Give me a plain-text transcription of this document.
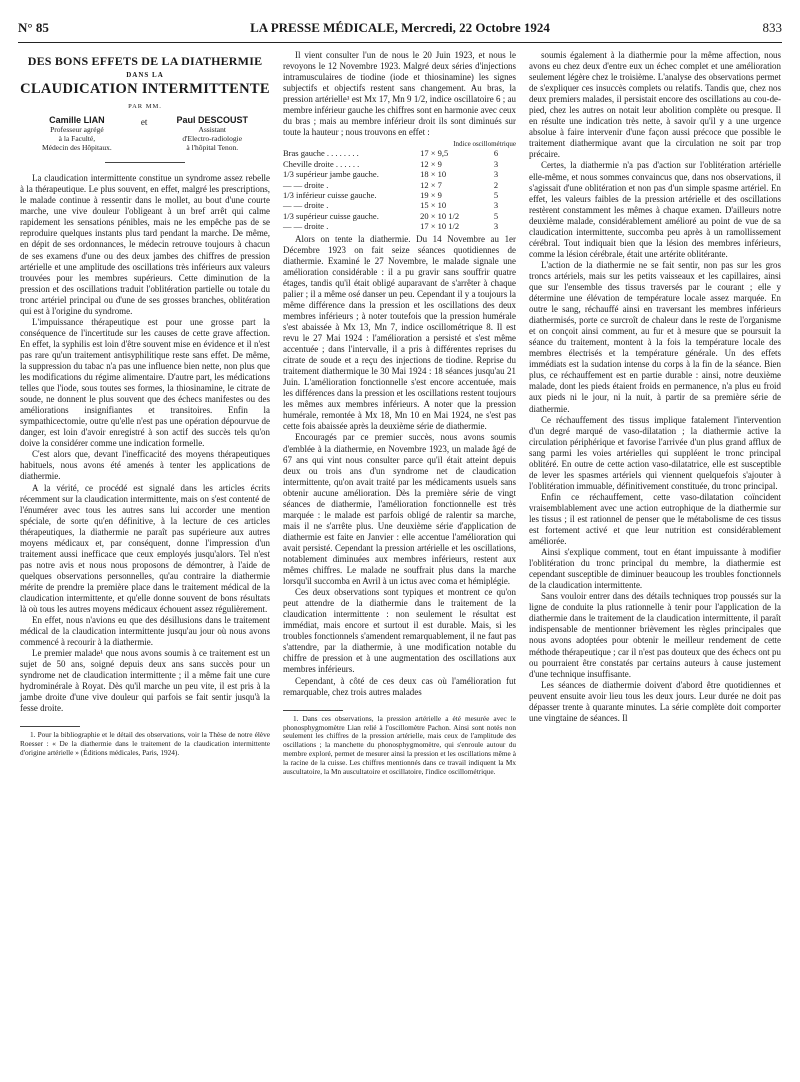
N° 85	LA PRESSE MÉDICALE, Mercredi, 22 Octobre 1924	833
DES BONS EFFETS DE LA DIATHERMIE
DANS LA
CLAUDICATION INTERMITTENTE
PAR MM.
Camille LIAN
Professeur agrégé
à la Faculté,
Médecin des Hôpitaux.
et	Paul DESCOUST
Assistant
d'Electro-radiologie
à l'hôpital Tenon.

La claudication intermittente constitue un syndrome assez rebelle à la thérapeutique. Le plus souvent, en effet, malgré les prescriptions, le malade continue à ressentir dans le mollet, au bout d'une courte marche, une vive douleur l'obligeant à un bref arrêt qui calme rapidement les sensations pénibles, mais ne les empêche pas de se reproduire quelques instants plus tard pendant la marche. De même, en dépit de ses ordonnances, le médecin retrouve toujours à chacun de ses examens d'une ou des deux jambes des chiffres de pression artérielle et une amplitude des oscillations très inférieurs aux valeurs trouvées pour les membres supérieurs. Cette diminution de la pression et des oscillations traduit l'oblitération partielle ou totale du tronc artériel principal ou d'une de ses grosses branches, oblitération qui est à l'origine du syndrome.

L'impuissance thérapeutique est pour une grosse part la conséquence de l'incertitude sur les causes de cette grave affection. En effet, la syphilis est loin d'être souvent mise en évidence et il n'est pas rare qu'un traitement antisyphilitique reste sans effet. De même, la suppression du tabac n'a pas une influence bien nette, non plus que les modifications du régime alimentaire. D'autre part, les médications telles que l'iode, sous toutes ses formes, la thiosinamine, le citrate de soude, ne donnent le plus souvent que des échecs manifestes ou des améliorations insignifiantes et transitoires. Enfin la sympathicectomie, outre qu'elle n'est pas une opération dépourvue de danger, est loin d'avoir enregistré à son actif des succès tels qu'on doive la considérer comme une indication formelle.

C'est alors que, devant l'inefficacité des moyens thérapeutiques habituels, nous avons été amenés à tenter les applications de diathermie.

A la vérité, ce procédé est signalé dans les articles écrits récemment sur la claudication intermittente, mais on s'est contenté de l'énumérer avec tous les autres sans lui accorder une mention spéciale, de sorte qu'en définitive, à la lecture de ces articles thérapeutiques, la diathermie ne paraît pas supérieure aux autres moyens médicaux et, par conséquent, donne l'impression d'un traitement aussi inefficace que ceux employés jusqu'alors. Tel n'est pas notre avis et nous nous proposons de démontrer, à l'aide de quelques observations personnelles, qu'au contraire la diathermie mérite de prendre la première place dans le traitement médical de la claudication intermittente, et qu'elle donne souvent de bons résultats là où tous les autres moyens médicaux échouent assez régulièrement.

En effet, nous n'avions eu que des désillusions dans le traitement médical de la claudication intermittente jusqu'au jour où nous avons commencé à recourir à la diathermie.

Le premier malade¹ que nous avons soumis à ce traitement est un sujet de 50 ans, soigné depuis deux ans sans succès pour un syndrome net de claudication intermittente ; il a même fait une cure hydrominérale à Royat. Dès qu'il marche un peu vite, il est pris à la jambe droite d'une vive douleur qui parfois se fait sentir jusqu'à la fesse droite.

1. Pour la bibliographie et le détail des observations, voir la Thèse de notre élève Roesser : « De la diathermie dans le traitement de la claudication intermittente d'origine artérielle » (Éditions médicales, Paris, 1924).

Il vient consulter l'un de nous le 20 Juin 1923, et nous le revoyons le 12 Novembre 1923. Malgré deux séries d'injections intramusculaires de tiodine (iode et thiosinamine) les signes subjectifs et objectifs restent sans changement. Au bras, la pression artérielle¹ est Mx 17, Mn 9 1/2, indice oscillatoire 6 ; au membre inférieur gauche les chiffres sont en harmonie avec ceux du bras ; mais au membre inférieur droit ils sont diminués sur toute la hauteur ; nous trouvons en effet :

Indice oscillométrique		
Bras gauche . . . . . . . .	17 × 9,5	6
Cheville droite . . . . . .	12 × 9	3
1/3 supérieur jambe gauche.	18 × 10	3
— — droite .	12 × 7	2
1/3 inférieur cuisse gauche.	19 × 9	5
— — droite .	15 × 10	3
1/3 supérieur cuisse gauche.	20 × 10 1/2	5
— — droite .	17 × 10 1/2	3

Alors on tente la diathermie. Du 14 Novembre au 1er Décembre 1923 on fait seize séances quotidiennes de diathermie. Examiné le 27 Novembre, le malade signale une amélioration considérable : il a pu gravir sans souffrir quatre étages, tandis qu'il était obligé auparavant de s'arrêter à chaque palier ; il a même osé danser un peu. Cependant il y a toujours la même différence dans la pression et les oscillations des deux membres inférieurs ; à noter toutefois que la pression humérale s'est abaissée à Mx 13, Mn 7, indice oscillométrique 8. Il est revu le 27 Mai 1924 : l'amélioration a persisté et s'est même accentuée ; dans l'intervalle, il a pris à différentes reprises du citrate de soude et a reçu des injections de tiodine. Reprise du traitement diathermique le 30 Mai 1924 : 18 séances jusqu'au 21 Juin. L'amélioration fonctionnelle s'est encore accentuée, mais les différences dans la pression et les oscillations restent toujours les mêmes aux membres inférieurs. A noter que la pression humérale, remontée à Mx 18, Mn 10 en Mai 1924, ne s'est pas cette fois abaissée après la deuxième série de diathermie.

Encouragés par ce premier succès, nous avons soumis d'emblée à la diathermie, en Novembre 1923, un malade âgé de 67 ans qui vint nous consulter parce qu'il était atteint depuis deux ou trois ans d'un syndrome net de claudication intermittente, qu'on avait traité par les médicaments usuels sans obtenir aucune amélioration. Dès la première série de vingt séances de diathermie, l'amélioration fonctionnelle est très marquée : le malade est parfois obligé de ralentir sa marche, mais il ne s'arrête plus. Une deuxième série d'application de diathermie est faite en Janvier : elle accentue l'amélioration qui avait persisté. Cependant la pression artérielle et les oscillations, notablement diminuées aux membres inférieurs, restent aux mêmes chiffres. Le malade ne souffrait plus dans la marche lorsqu'il succomba en Avril à un ictus avec coma et hémiplégie.

Ces deux observations sont typiques et montrent ce qu'on peut attendre de la diathermie dans le traitement de la claudication intermittente : non seulement le résultat est immédiat, mais encore et surtout il est durable. Mais, si les troubles fonctionnels s'amendent remarquablement, il ne faut pas s'attendre, par la diathermie, à une modification notable du chiffre de pression et à une augmentation des oscillations aux membres inférieurs.

Cependant, à côté de ces deux cas où l'amélioration fut remarquable, chez trois autres malades

1. Dans ces observations, la pression artérielle a été mesurée avec le phonosphygmomètre Lian relié à l'oscillomètre Pachon. Ainsi sont notés non seulement les chiffres de la pression artérielle, mais ceux de l'amplitude des oscillations ; la manchette du phonosphygmomètre, qui s'enroule autour du membre exploré, permet de mesurer ainsi la pression et les oscillations même à la racine de la cuisse. Les chiffres mentionnés dans ce travail indiquent la Mx auscultatoire, la Mn auscultatoire et oscillatoire, l'indice oscillométrique.

soumis également à la diathermie pour la même affection, nous avons eu chez deux d'entre eux un échec complet et une amélioration seulement légère chez le troisième. L'analyse des observations permet de s'expliquer ces insuccès complets ou relatifs. Tandis que, chez nos deux premiers malades, il persistait encore des oscillations au cou-de-pied, chez les autres on notait leur abolition complète ou presque. Il en résulte une indication très nette, à savoir qu'il y a une urgence absolue à faire intervenir d'une façon aussi précoce que possible le traitement diathermique avant que la circulation ne soit par trop précaire.

Certes, la diathermie n'a pas d'action sur l'oblitération artérielle elle-même, et nous sommes convaincus que, dans nos observations, il s'agissait d'une oblitération et non pas d'un simple spasme artériel. En effet, les valeurs faibles de la pression artérielle et des oscillations restèrent constamment les mêmes à chaque examen. D'ailleurs notre deuxième malade, considérablement amélioré au point de vue de sa claudication intermittente, succomba peu après à un ramollissement cérébral. Tout indiquait bien que la lésion des membres inférieurs, comme la lésion cérébrale, était une artérite oblitérante.

L'action de la diathermie ne se fait sentir, non pas sur les gros troncs artériels, mais sur les petits vaisseaux et les capillaires, ainsi que sur l'ensemble des tissus traversés par le courant ; elle y détermine une élévation de température locale assez marquée. En outre le sang, réchauffé ainsi en traversant les membres inférieurs diathermisés, porte ce surcroît de chaleur dans le reste de l'organisme et on conçoit ainsi comment, au fur et à mesure que se poursuit la séance du traitement, montent à la fois la température locale des membres électrisés et la température générale. Un des effets immédiats est la sudation intense du corps à la fin de la séance. Bien plus, ce réchauffement est en partie durable : ainsi, notre deuxième malade, dont les pieds étaient froids en permanence, n'a plus eu froid aux pieds ni le jour, ni la nuit, à partir de sa première série de diathermie.

Ce réchauffement des tissus implique fatalement l'intervention d'un degré marqué de vaso-dilatation ; la diathermie active la circulation périphérique et favorise l'arrivée d'un plus grand afflux de sang parmi les voies artérielles qui suppléent le tronc principal oblitéré. En outre de cette action vaso-dilatatrice, elle est susceptible de lever les spasmes artériels qui viennent quelquefois s'ajouter à l'oblitération immuable, définitivement constituée, du tronc principal.

Enfin ce réchauffement, cette vaso-dilatation coïncident vraisemblablement avec une action eutrophique de la diathermie sur les tissus ; il est rationnel de penser que le métabolisme de ces tissus est fortement activé et que leur nutrition est considérablement améliorée.

Ainsi s'explique comment, tout en étant impuissante à modifier l'oblitération du tronc principal du membre, la diathermie est cependant susceptible de diminuer beaucoup les troubles fonctionnels de la claudication intermittente.

Sans vouloir entrer dans des détails techniques trop poussés sur la ligne de conduite la plus rationnelle à tenir pour l'application de la diathermie dans le traitement de la claudication intermittente, il paraît indispensable de mentionner brièvement les règles principales que nous avons adoptées pour obtenir le meilleur rendement de cette méthode thérapeutique ; car il n'est pas douteux que des échecs ont pu ou pourraient être constatés par certains auteurs à cause justement d'une technique insuffisante.

Les séances de diathermie doivent d'abord être quotidiennes et peuvent ensuite avoir lieu tous les deux jours. Leur durée ne doit pas dépasser trente à quarante minutes. La série complète doit comporter une vingtaine de séances. Il
